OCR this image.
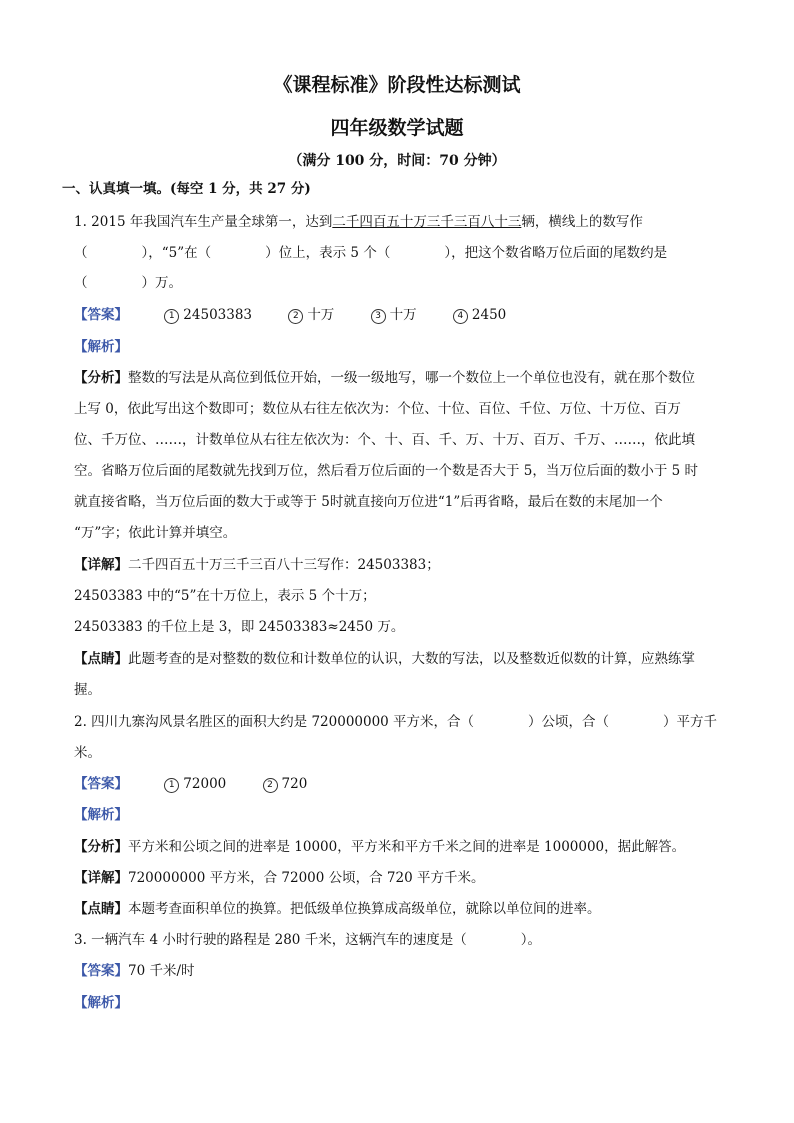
《课程标准》阶段性达标测试
四年级数学试题
（满分 100 分，时间：70 分钟）
一、认真填一填。(每空 1 分，共 27 分)
1. 2015 年我国汽车生产量全球第一，达到二千四百五十万三千三百八十三辆，横线上的数写作
（　　　　），“5”在（　　　　）位上，表示 5 个（　　　　），把这个数省略万位后面的尾数约是
（　　　　）万。
【答案】	1 24503383	2 十万	3 十万	4 2450
【解析】
【分析】整数的写法是从高位到低位开始，一级一级地写，哪一个数位上一个单位也没有，就在那个数位
上写 0，依此写出这个数即可；数位从右往左依次为：个位、十位、百位、千位、万位、十万位、百万
位、千万位、……，计数单位从右往左依次为：个、十、百、千、万、十万、百万、千万、……，依此填
空。省略万位后面的尾数就先找到万位，然后看万位后面的一个数是否大于 5，当万位后面的数小于 5 时
就直接省略，当万位后面的数大于或等于 5时就直接向万位进“1”后再省略，最后在数的末尾加一个
“万”字；依此计算并填空。
【详解】二千四百五十万三千三百八十三写作：24503383；
24503383 中的“5”在十万位上，表示 5 个十万；
24503383 的千位上是 3，即 24503383≈2450 万。
【点睛】此题考查的是对整数的数位和计数单位的认识，大数的写法，以及整数近似数的计算，应熟练掌
握。
2. 四川九寨沟风景名胜区的面积大约是 720000000 平方米，合（　　　　）公顷，合（　　　　）平方千
米。
【答案】	1 72000	2 720
【解析】
【分析】平方米和公顷之间的进率是 10000，平方米和平方千米之间的进率是 1000000，据此解答。
【详解】720000000 平方米，合 72000 公顷，合 720 平方千米。
【点睛】本题考查面积单位的换算。把低级单位换算成高级单位，就除以单位间的进率。
3. 一辆汽车 4 小时行驶的路程是 280 千米，这辆汽车的速度是（　　　　）。
【答案】70 千米/时
【解析】
